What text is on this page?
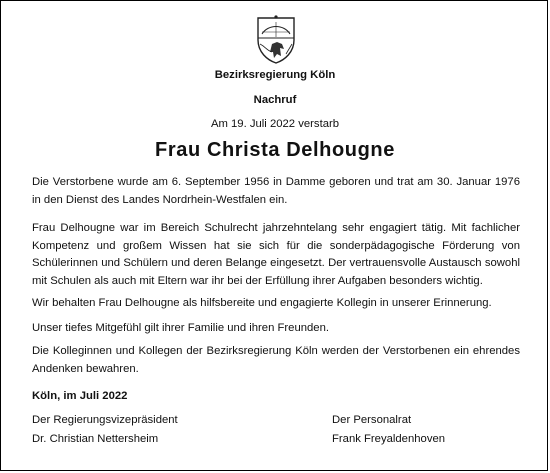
Bezirksregierung Köln
Nachruf
Am 19. Juli 2022 verstarb
Frau Christa Delhougne

Die Verstorbene wurde am 6. September 1956 in Damme geboren und trat am 30. Januar 1976 in den Dienst des Landes Nordrhein-Westfalen ein.

Frau Delhougne war im Bereich Schulrecht jahrzehntelang sehr engagiert tätig. Mit fachlicher Kompetenz und großem Wissen hat sie sich für die sonderpädagogische Förderung von Schülerinnen und Schülern und deren Belange eingesetzt. Der vertrauensvolle Austausch sowohl mit Schulen als auch mit Eltern war ihr bei der Erfüllung ihrer Aufgaben besonders wichtig.

Wir behalten Frau Delhougne als hilfsbereite und engagierte Kollegin in unserer Erinnerung.

Unser tiefes Mitgefühl gilt ihrer Familie und ihren Freunden.

Die Kolleginnen und Kollegen der Bezirksregierung Köln werden der Verstorbenen ein ehrendes Andenken bewahren.

Köln, im Juli 2022
Der Regierungsvizepräsident
Dr. Christian Nettersheim
Der Personalrat
Frank Freyaldenhoven
